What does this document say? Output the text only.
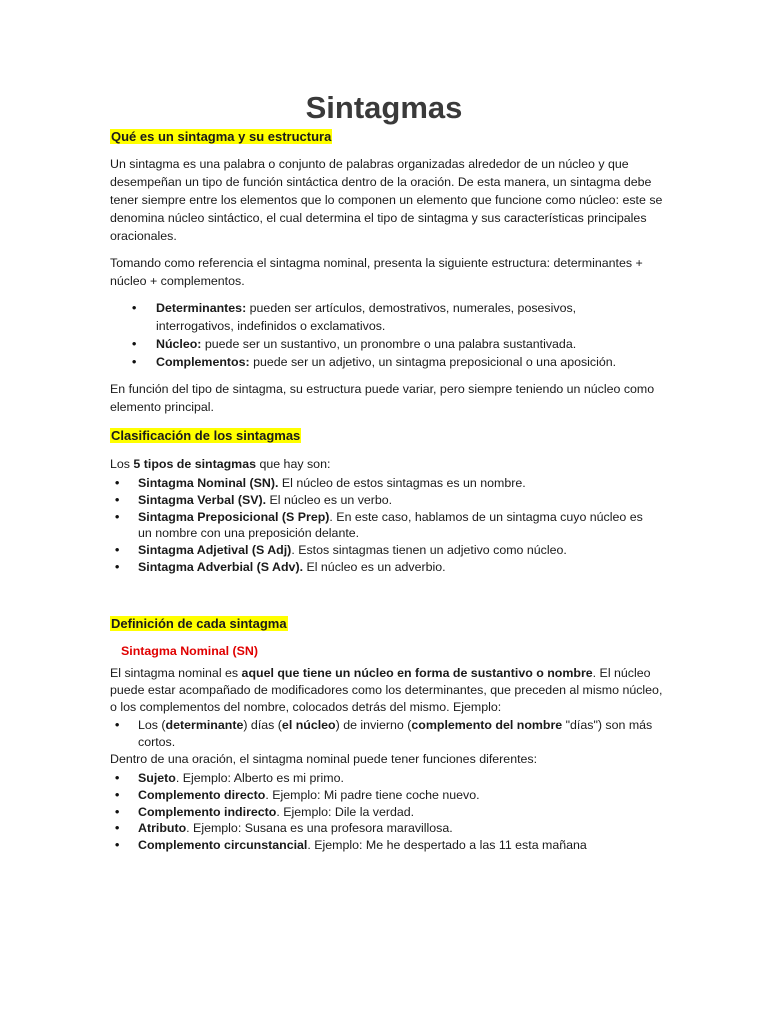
Sintagmas

Qué es un sintagma y su estructura

Un sintagma es una palabra o conjunto de palabras organizadas alrededor de un núcleo y que desempeñan un tipo de función sintáctica dentro de la oración. De esta manera, un sintagma debe tener siempre entre los elementos que lo componen un elemento que funcione como núcleo: este se denomina núcleo sintáctico, el cual determina el tipo de sintagma y sus características principales oracionales.

Tomando como referencia el sintagma nominal, presenta la siguiente estructura: determinantes + núcleo + complementos.

• Determinantes: pueden ser artículos, demostrativos, numerales, posesivos, interrogativos, indefinidos o exclamativos.
• Núcleo: puede ser un sustantivo, un pronombre o una palabra sustantivada.
• Complementos: puede ser un adjetivo, un sintagma preposicional o una aposición.

En función del tipo de sintagma, su estructura puede variar, pero siempre teniendo un núcleo como elemento principal.

Clasificación de los sintagmas

Los 5 tipos de sintagmas que hay son:

• Sintagma Nominal (SN). El núcleo de estos sintagmas es un nombre.
• Sintagma Verbal (SV). El núcleo es un verbo.
• Sintagma Preposicional (S Prep). En este caso, hablamos de un sintagma cuyo núcleo es un nombre con una preposición delante.
• Sintagma Adjetival (S Adj). Estos sintagmas tienen un adjetivo como núcleo.
• Sintagma Adverbial (S Adv). El núcleo es un adverbio.

Definición de cada sintagma

Sintagma Nominal (SN)

El sintagma nominal es aquel que tiene un núcleo en forma de sustantivo o nombre. El núcleo puede estar acompañado de modificadores como los determinantes, que preceden al mismo núcleo, o los complementos del nombre, colocados detrás del mismo. Ejemplo:

• Los (determinante) días (el núcleo) de invierno (complemento del nombre "días") son más cortos.

Dentro de una oración, el sintagma nominal puede tener funciones diferentes:

• Sujeto. Ejemplo: Alberto es mi primo.
• Complemento directo. Ejemplo: Mi padre tiene coche nuevo.
• Complemento indirecto. Ejemplo: Dile la verdad.
• Atributo. Ejemplo: Susana es una profesora maravillosa.
• Complemento circunstancial. Ejemplo: Me he despertado a las 11 esta mañana
